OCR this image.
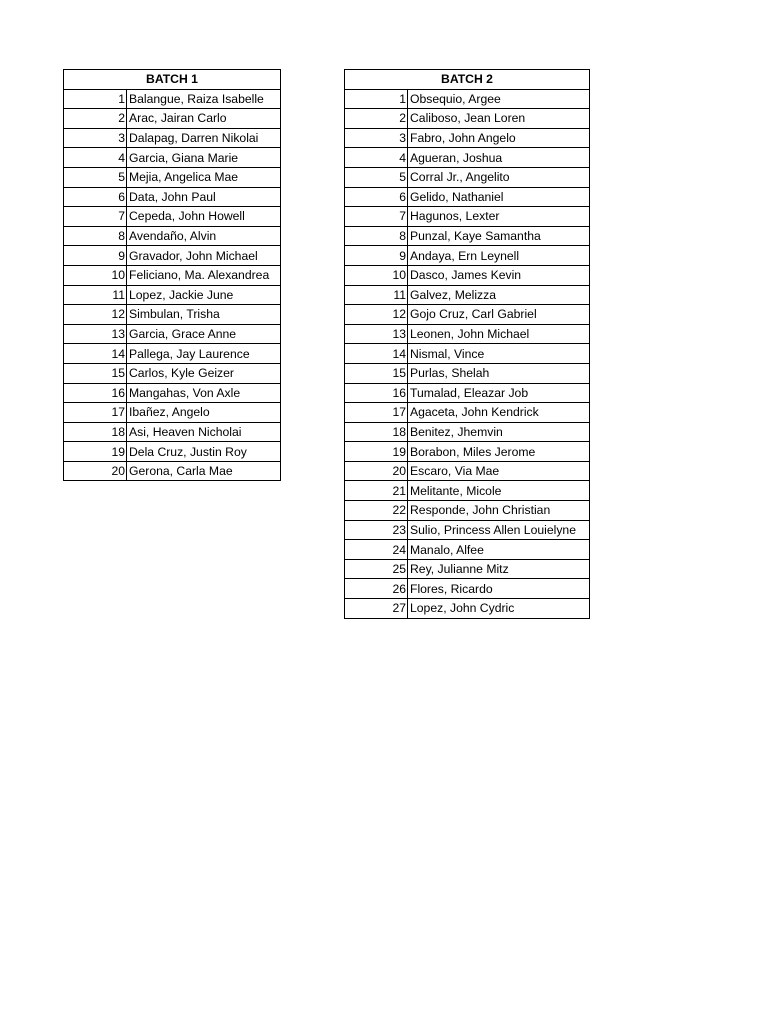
BATCH 1	
1	Balangue, Raiza Isabelle
2	Arac, Jairan Carlo
3	Dalapag, Darren Nikolai
4	Garcia, Giana Marie
5	Mejia, Angelica Mae
6	Data, John Paul
7	Cepeda, John Howell
8	Avendaño, Alvin
9	Gravador, John Michael
10	Feliciano, Ma. Alexandrea
11	Lopez, Jackie June
12	Simbulan, Trisha
13	Garcia, Grace Anne
14	Pallega, Jay Laurence
15	Carlos, Kyle Geizer
16	Mangahas, Von Axle
17	Ibañez, Angelo
18	Asi, Heaven Nicholai
19	Dela Cruz, Justin Roy
20	Gerona, Carla Mae
BATCH 2	
1	Obsequio, Argee
2	Caliboso, Jean Loren
3	Fabro, John Angelo
4	Agueran, Joshua
5	Corral Jr., Angelito
6	Gelido, Nathaniel
7	Hagunos, Lexter
8	Punzal, Kaye Samantha
9	Andaya, Ern Leynell
10	Dasco, James Kevin
11	Galvez, Melizza
12	Gojo Cruz, Carl Gabriel
13	Leonen, John Michael
14	Nismal, Vince
15	Purlas, Shelah
16	Tumalad, Eleazar Job
17	Agaceta, John Kendrick
18	Benitez, Jhemvin
19	Borabon, Miles Jerome
20	Escaro, Via Mae
21	Melitante, Micole
22	Responde, John Christian
23	Sulio, Princess Allen Louielyne
24	Manalo, Alfee
25	Rey, Julianne Mitz
26	Flores, Ricardo
27	Lopez, John Cydric
